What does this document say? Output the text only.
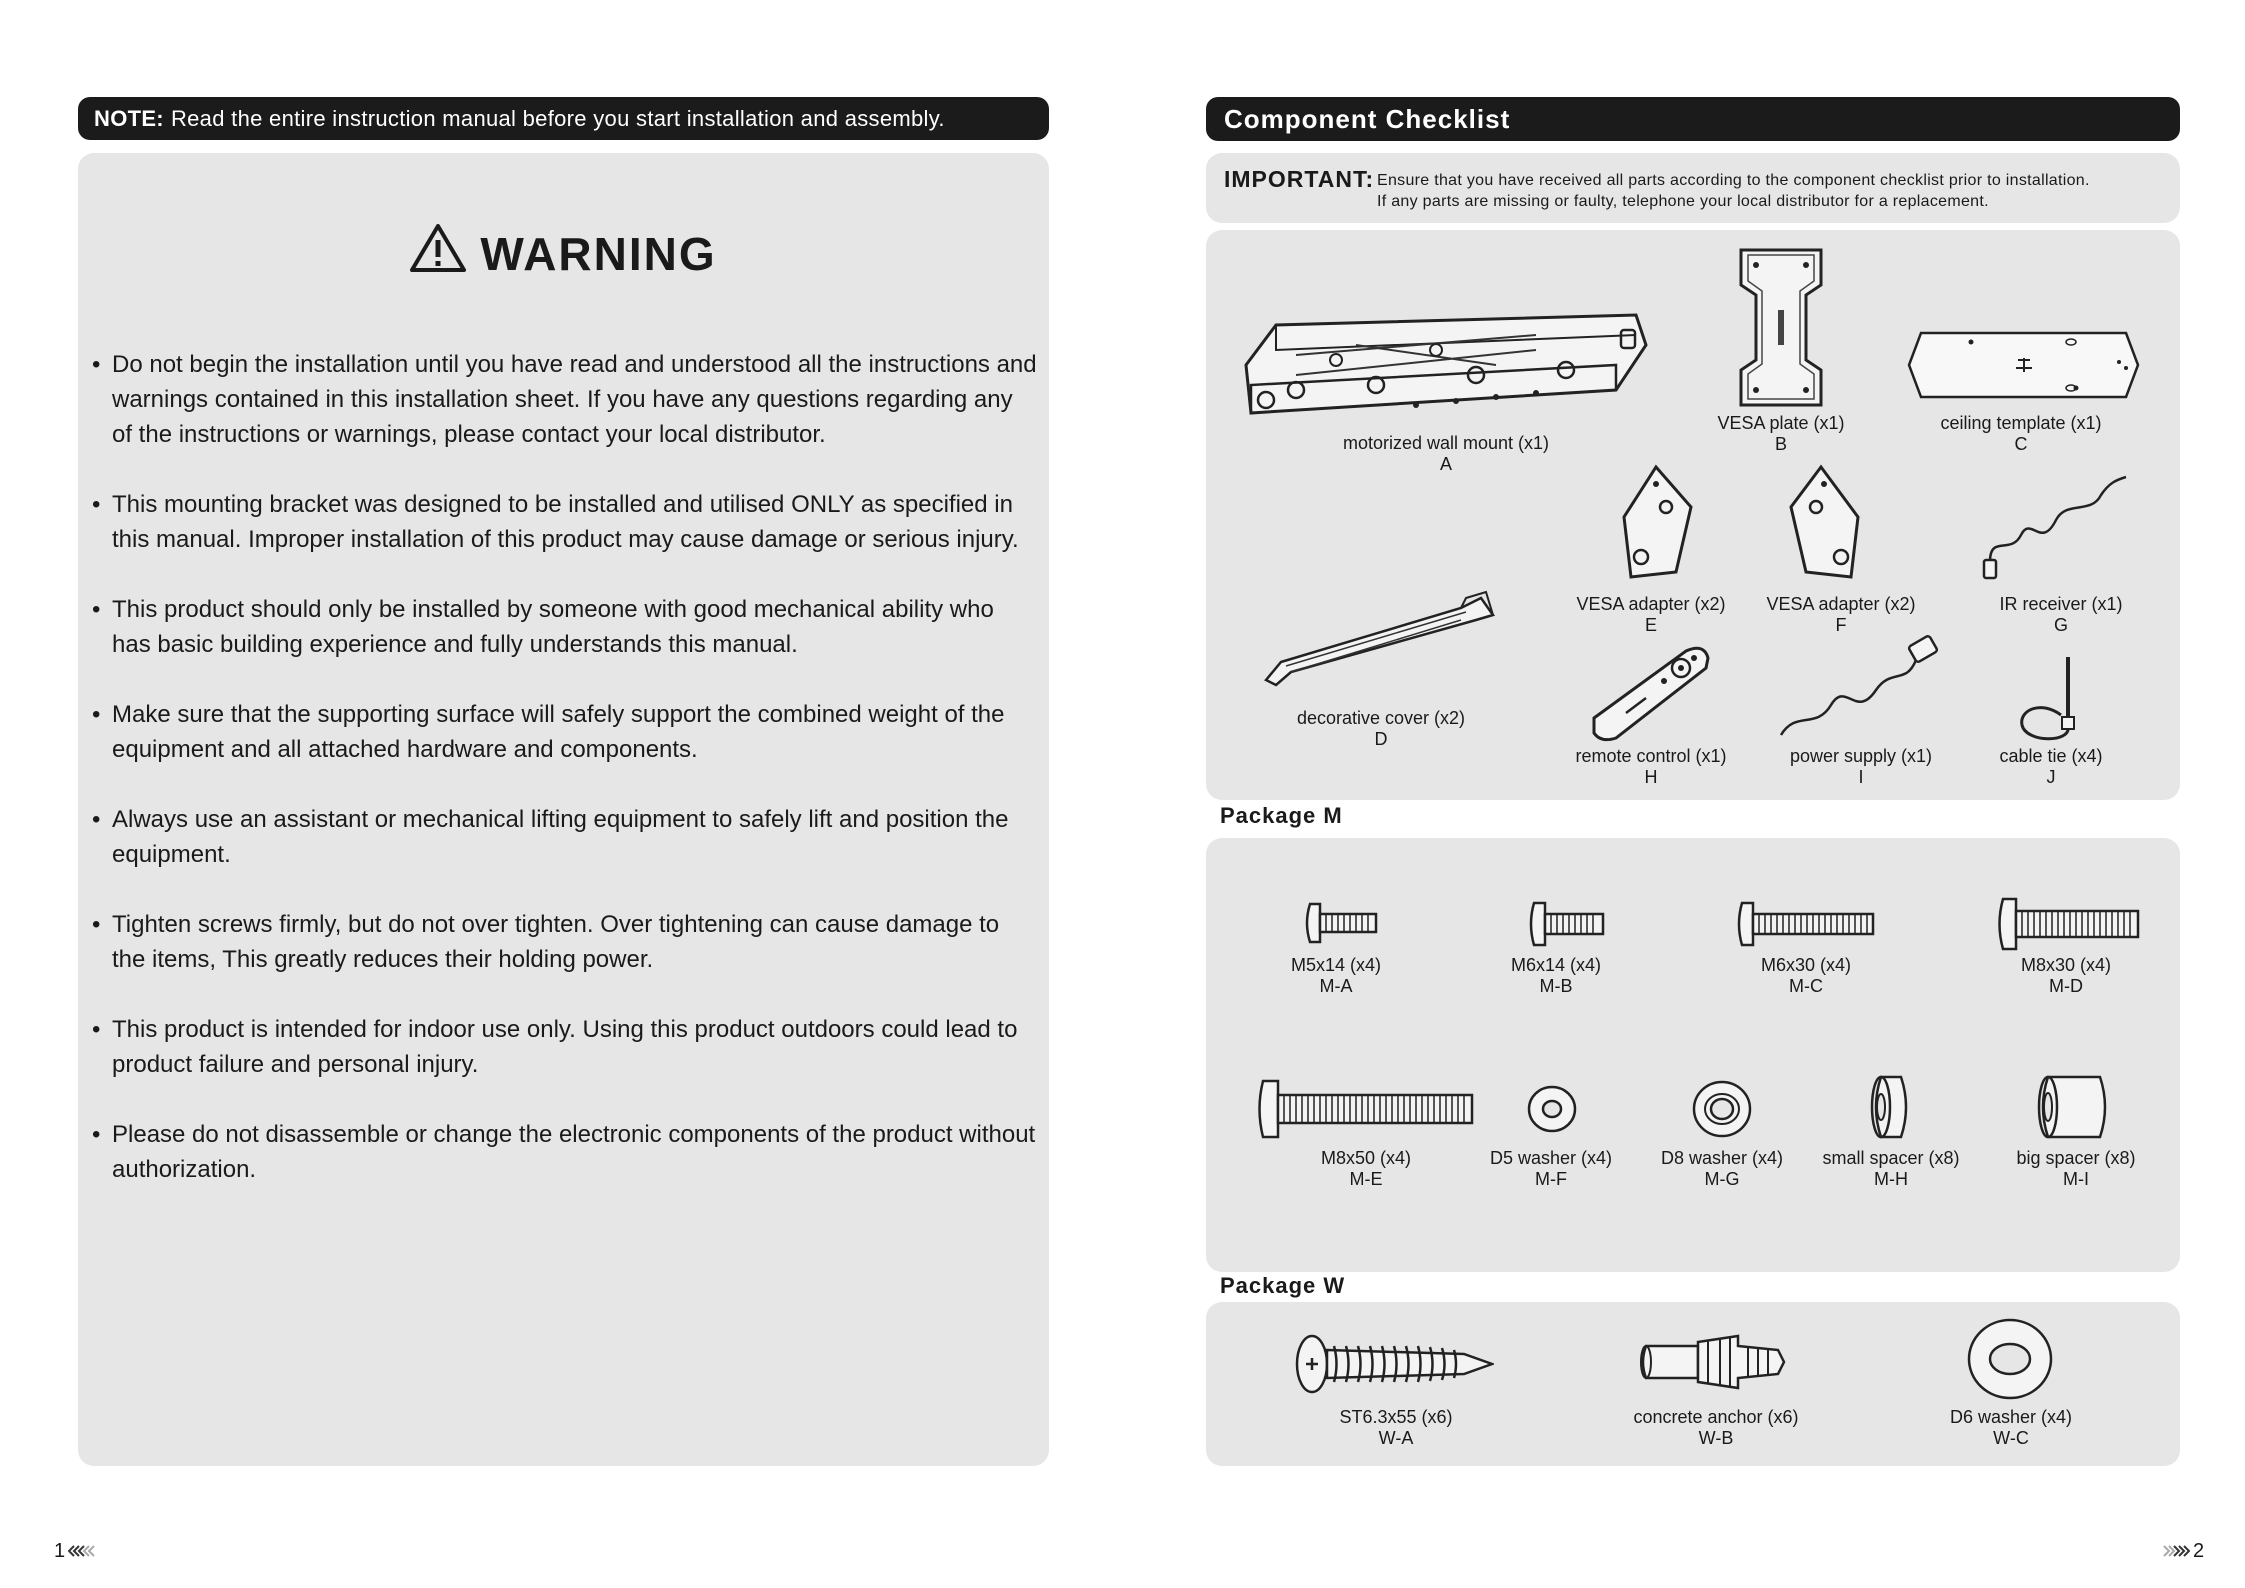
NOTE: Read the entire instruction manual before you start installation and assembly.
WARNING
• Do not begin the installation until you have read and understood all the instructions and warnings contained in this installation sheet. If you have any questions regarding any of the instructions or warnings, please contact your local distributor.
• This mounting bracket was designed to be installed and utilised ONLY as specified in this manual. Improper installation of this product may cause damage or serious injury.
• This product should only be installed by someone with good mechanical ability who has basic building experience and fully understands this manual.
• Make sure that the supporting surface will safely support the combined weight of the equipment and all attached hardware and components.
• Always use an assistant or mechanical lifting equipment to safely lift and position the equipment.
• Tighten screws firmly, but do not over tighten. Over tightening can cause damage to the items, This greatly reduces their holding power.
• This product is intended for indoor use only. Using this product outdoors could lead to product failure and personal injury.
• Please do not disassemble or change the electronic components of the product without authorization.
Component Checklist
IMPORTANT: Ensure that you have received all parts according to the component checklist prior to installation.
If any parts are missing or faulty, telephone your local distributor for a replacement.
motorized wall mount (x1)
A
VESA plate (x1)
B
ceiling template (x1)
C
decorative cover (x2)
D
VESA adapter (x2)
E
VESA adapter (x2)
F
IR receiver (x1)
G
remote control (x1)
H
power supply (x1)
I
cable tie (x4)
J
Package M
M5x14 (x4)
M-A
M6x14 (x4)
M-B
M6x30 (x4)
M-C
M8x30 (x4)
M-D
M8x50 (x4)
M-E
D5 washer (x4)
M-F
D8 washer (x4)
M-G
small spacer (x8)
M-H
big spacer (x8)
M-I
Package W
ST6.3x55 (x6)
W-A
concrete anchor (x6)
W-B
D6 washer (x4)
W-C
1	2
